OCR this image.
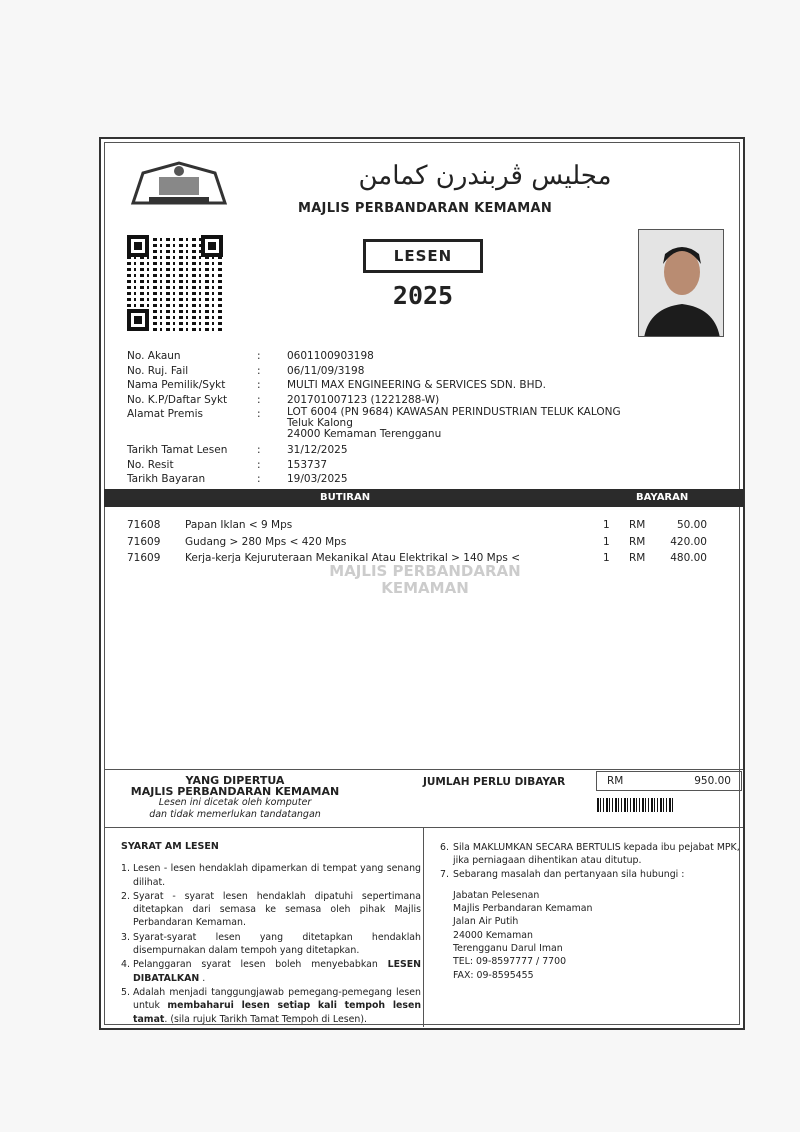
مجليس ڤربندرن كمامن
MAJLIS PERBANDARAN KEMAMAN
LESEN
2025
No. Akaun	:	0601100903198
No. Ruj. Fail	:	06/11/09/3198
Nama Pemilik/Sykt	:	MULTI MAX ENGINEERING & SERVICES SDN. BHD.
No. K.P/Daftar Sykt	:	201701007123 (1221288-W)
Alamat Premis	:	LOT 6004 (PN 9684) KAWASAN PERINDUSTRIAN TELUK KALONG
Teluk Kalong
24000 Kemaman Terengganu
Tarikh Tamat Lesen	:	31/12/2025
No. Resit	:	153737
Tarikh Bayaran	:	19/03/2025
BUTIRAN	BAYARAN
MAJLIS PERBANDARAN
KEMAMAN
71608	Papan Iklan < 9 Mps	1	RM	50.00
71609	Gudang > 280 Mps < 420 Mps	1	RM	420.00
71609	Kerja-kerja Kejuruteraan Mekanikal Atau Elektrikal > 140 Mps <	1	RM	480.00
YANG DIPERTUA
MAJLIS PERBANDARAN KEMAMAN
Lesen ini dicetak oleh komputer
dan tidak memerlukan tandatangan
JUMLAH PERLU DIBAYAR	RM	950.00
SYARAT AM LESEN
1. Lesen - lesen hendaklah dipamerkan di tempat yang senang dilihat.
2. Syarat - syarat lesen hendaklah dipatuhi sepertimana ditetapkan dari semasa ke semasa oleh pihak Majlis Perbandaran Kemaman.
3. Syarat-syarat lesen yang ditetapkan hendaklah disempurnakan dalam tempoh yang ditetapkan.
4. Pelanggaran syarat lesen boleh menyebabkan LESEN DIBATALKAN .
5. Adalah menjadi tanggungjawab pemegang-pemegang lesen untuk membaharui lesen setiap kali tempoh lesen tamat. (sila rujuk Tarikh Tamat Tempoh di Lesen).
6. Sila MAKLUMKAN SECARA BERTULIS kepada ibu pejabat MPK, jika perniagaan dihentikan atau ditutup.
7. Sebarang masalah dan pertanyaan sila hubungi :
Jabatan Pelesenan
Majlis Perbandaran Kemaman
Jalan Air Putih
24000 Kemaman
Terengganu Darul Iman
TEL: 09-8597777 / 7700
FAX: 09-8595455
